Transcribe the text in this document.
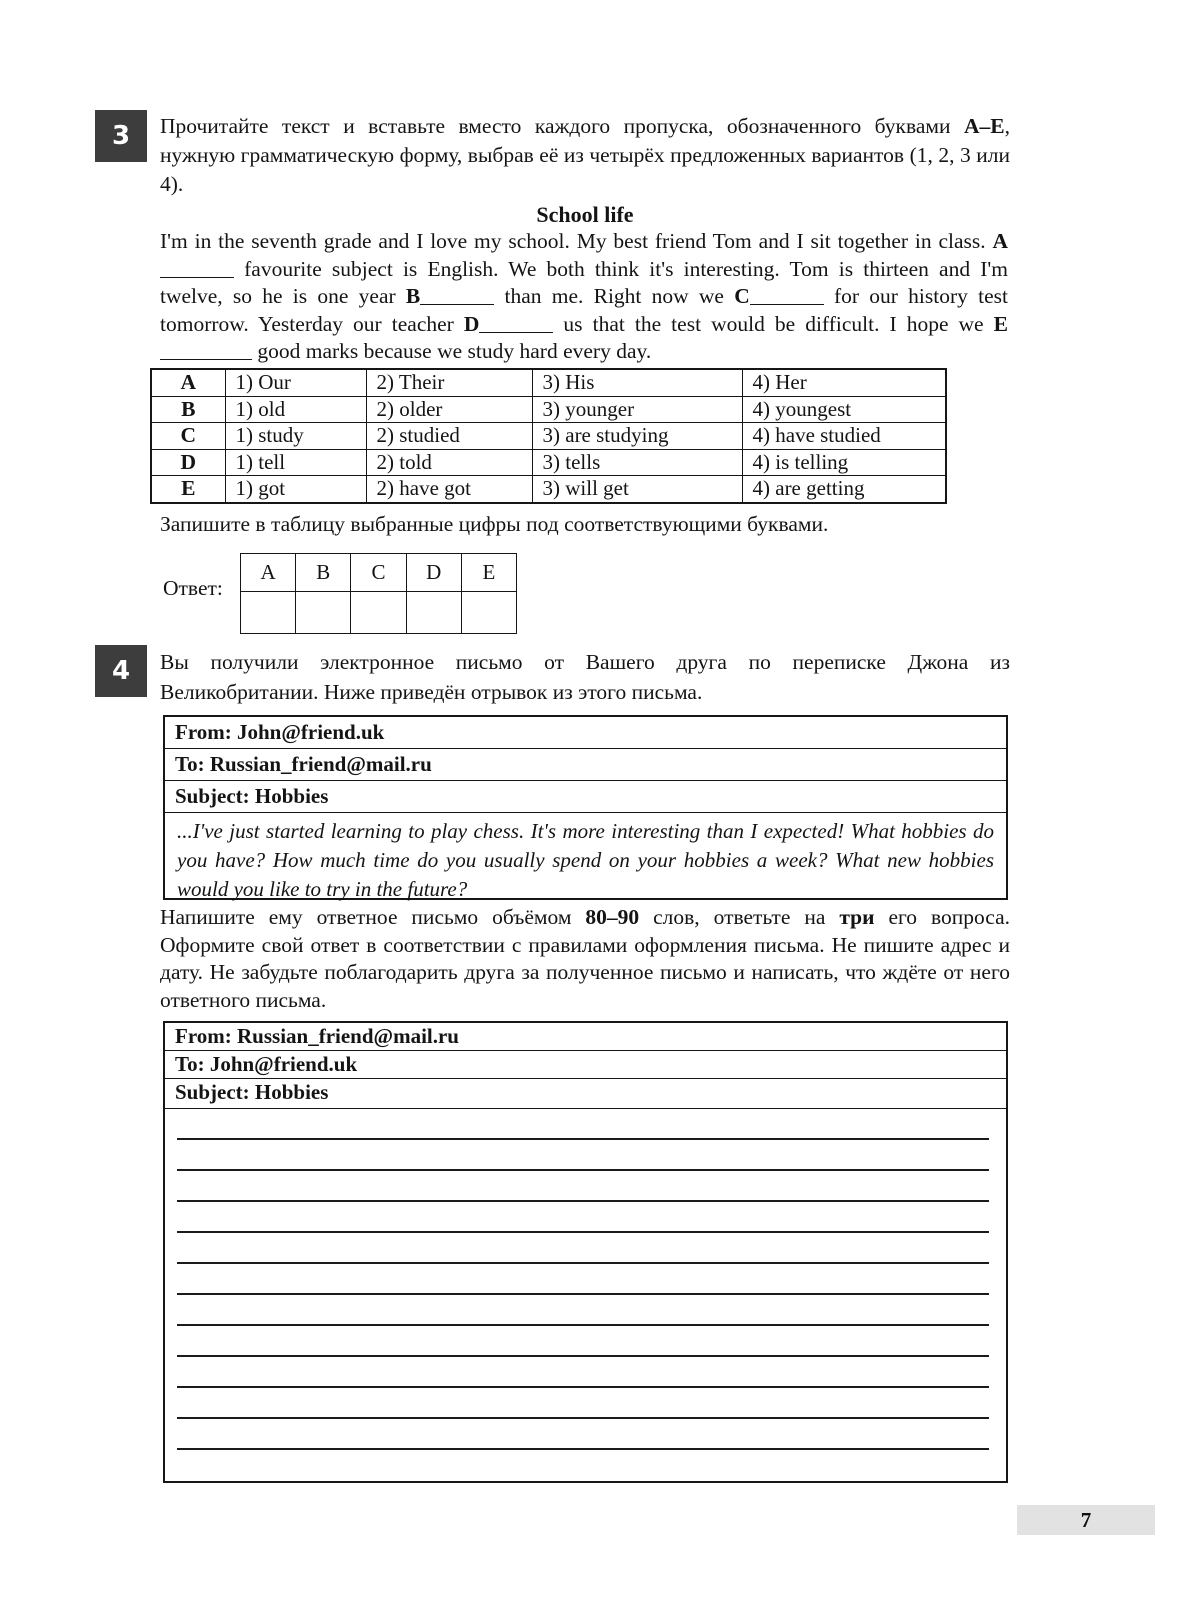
3 Прочитайте текст и вставьте вместо каждого пропуска, обозначенного буквами А–Е, нужную грамматическую форму, выбрав её из четырёх предложенных вариантов (1, 2, 3 или 4).

School life

I'm in the seventh grade and I love my school. My best friend Tom and I sit together in class. A favourite subject is English. We both think it's interesting. Tom is thirteen and I'm twelve, so he is one year B	than me. Right now we C	for our history test tomorrow. Yesterday our teacher D	us that the test would be difficult. I hope we E good marks because we study hard every day.

A	1) Our	2) Their	3) His	4) Her
B	1) old	2) older	3) younger	4) youngest
C	1) study	2) studied	3) are studying	4) have studied
D	1) tell	2) told	3) tells	4) is telling
E	1) got	2) have got	3) will get	4) are getting

Запишите в таблицу выбранные цифры под соответствующими буквами.

Ответ:
A	B	C	D	E

4 Вы получили электронное письмо от Вашего друга по переписке Джона из Великобритании. Ниже приведён отрывок из этого письма.

From: John@friend.uk
To: Russian_friend@mail.ru
Subject: Hobbies
...I've just started learning to play chess. It's more interesting than I expected! What hobbies do you have? How much time do you usually spend on your hobbies a week? What new hobbies would you like to try in the future?

Напишите ему ответное письмо объёмом 80–90 слов, ответьте на три его вопроса. Оформите свой ответ в соответствии с правилами оформления письма. Не пишите адрес и дату. Не забудьте поблагодарить друга за полученное письмо и написать, что ждёте от него ответного письма.

From: Russian_friend@mail.ru
To: John@friend.uk
Subject: Hobbies
7
